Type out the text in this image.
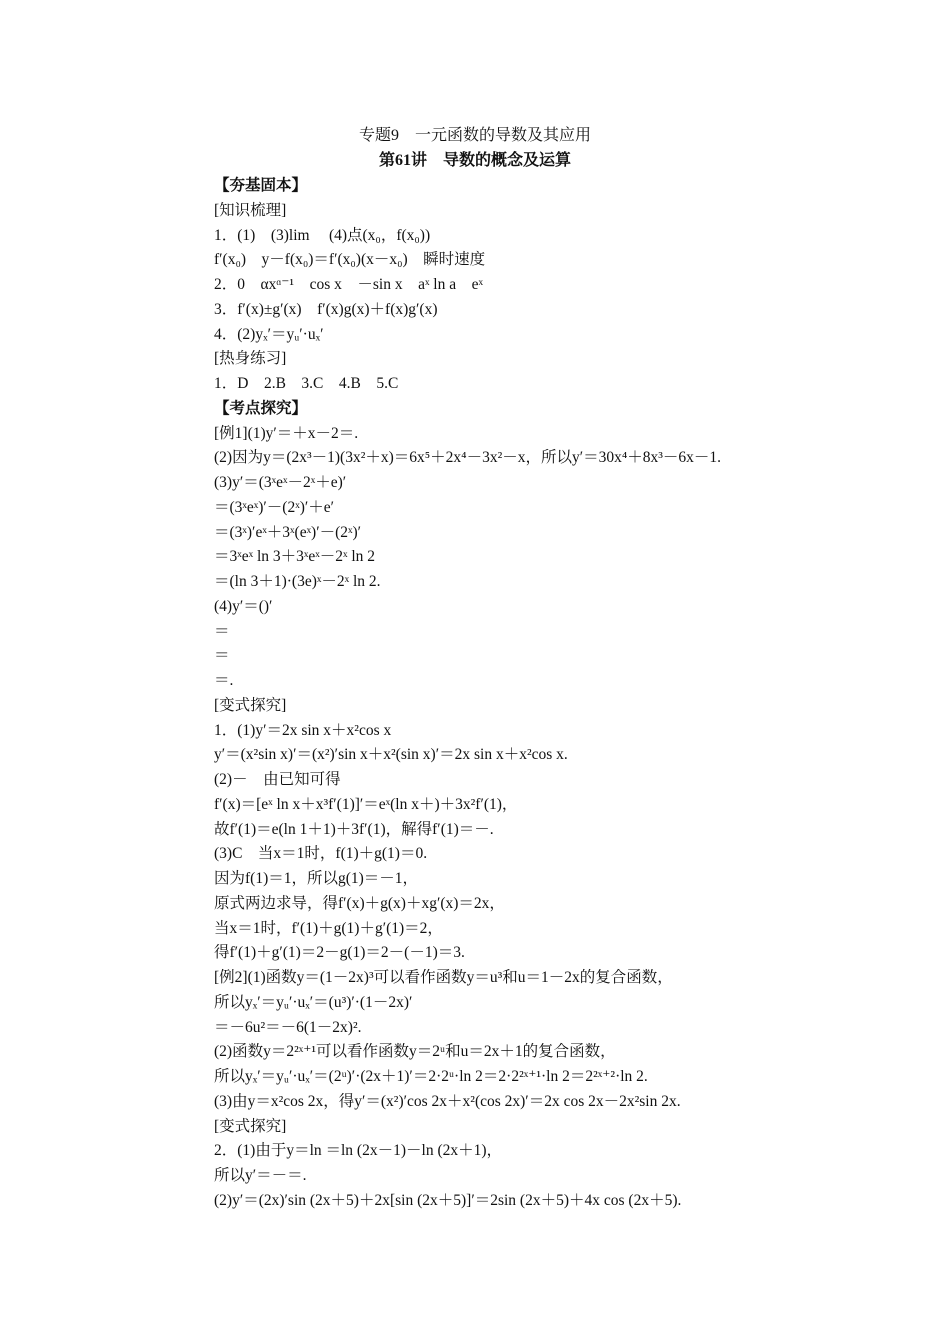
专题9　一元函数的导数及其应用
第61讲　导数的概念及运算
【夯基固本】
[知识梳理]
1．(1)　(3)lim　 (4)点(x₀，f(x₀))
f′(x₀)　y－f(x₀)＝f′(x₀)(x－x₀)　瞬时速度
2．0　αxᵅ⁻¹　cos x　－sin x　aˣ ln a　eˣ
3．f′(x)±g′(x)　f′(x)g(x)＋f(x)g′(x)
4．(2)yₓ′＝yᵤ′·uₓ′
[热身练习]
1．D　2.B　3.C　4.B　5.C
【考点探究】
[例1](1)y′＝＋x－2＝.
(2)因为y＝(2x³－1)(3x²＋x)＝6x⁵＋2x⁴－3x²－x，所以y′＝30x⁴＋8x³－6x－1.
(3)y′＝(3ˣeˣ－2ˣ＋e)′
＝(3ˣeˣ)′－(2ˣ)′＋e′
＝(3ˣ)′eˣ＋3ˣ(eˣ)′－(2ˣ)′
＝3ˣeˣ ln 3＋3ˣeˣ－2ˣ ln 2
＝(ln 3＋1)·(3e)ˣ－2ˣ ln 2.
(4)y′＝()′
＝
＝
＝.
[变式探究]
1．(1)y′＝2x sin x＋x²cos x
y′＝(x²sin x)′＝(x²)′sin x＋x²(sin x)′＝2x sin x＋x²cos x.
(2)－　由已知可得
f′(x)＝[eˣ ln x＋x³f′(1)]′＝eˣ(ln x＋)＋3x²f′(1)，
故f′(1)＝e(ln 1＋1)＋3f′(1)，解得f′(1)＝－.
(3)C　当x＝1时，f(1)＋g(1)＝0.
因为f(1)＝1，所以g(1)＝－1，
原式两边求导，得f′(x)＋g(x)＋xg′(x)＝2x，
当x＝1时，f′(1)＋g(1)＋g′(1)＝2，
得f′(1)＋g′(1)＝2－g(1)＝2－(－1)＝3.
[例2](1)函数y＝(1－2x)³可以看作函数y＝u³和u＝1－2x的复合函数，
所以yₓ′＝yᵤ′·uₓ′＝(u³)′·(1－2x)′
＝－6u²＝－6(1－2x)².
(2)函数y＝2²ˣ⁺¹可以看作函数y＝2ᵘ和u＝2x＋1的复合函数，
所以yₓ′＝yᵤ′·uₓ′＝(2ᵘ)′·(2x＋1)′＝2·2ᵘ·ln 2＝2·2²ˣ⁺¹·ln 2＝2²ˣ⁺²·ln 2.
(3)由y＝x²cos 2x，得y′＝(x²)′cos 2x＋x²(cos 2x)′＝2x cos 2x－2x²sin 2x.
[变式探究]
2．(1)由于y＝ln ＝ln (2x－1)－ln (2x＋1)，
所以y′＝－＝.
(2)y′＝(2x)′sin (2x＋5)＋2x[sin (2x＋5)]′＝2sin (2x＋5)＋4x cos (2x＋5).
